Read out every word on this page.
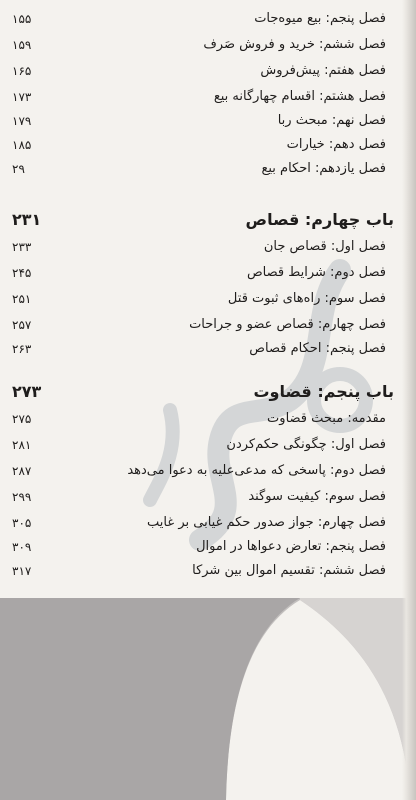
فصل پنجم: بیع میوه‌جات
۱۵۵
فصل ششم: خرید و فروش صَرف
۱۵۹
فصل هفتم: پیش‌فروش
۱۶۵
فصل هشتم: اقسام چهارگانه بیع
۱۷۳
فصل نهم: مبحث ربا
۱۷۹
فصل دهم: خیارات
۱۸۵
فصل یازدهم: احکام بیع
۲۹
باب چهارم: قصاص
۲۳۱
فصل اول: قصاص جان
۲۳۳
فصل دوم: شرایط قصاص
۲۴۵
فصل سوم: راه‌های ثبوت قتل
۲۵۱
فصل چهارم: قصاص عضو و جراحات
۲۵۷
فصل پنجم: احکام قصاص
۲۶۳
باب پنجم: قضاوت
۲۷۳
مقدمه: مبحث قضاوت
۲۷۵
فصل اول: چگونگی حکم‌کردن
۲۸۱
فصل دوم: پاسخی که مدعی‌علیه به دعوا می‌دهد
۲۸۷
فصل سوم: کیفیت سوگند
۲۹۹
فصل چهارم: جواز صدور حکم غیابی بر غایب
۳۰۵
فصل پنجم: تعارض دعواها در اموال
۳۰۹
فصل ششم: تقسیم اموال بین شرکا
۳۱۷
